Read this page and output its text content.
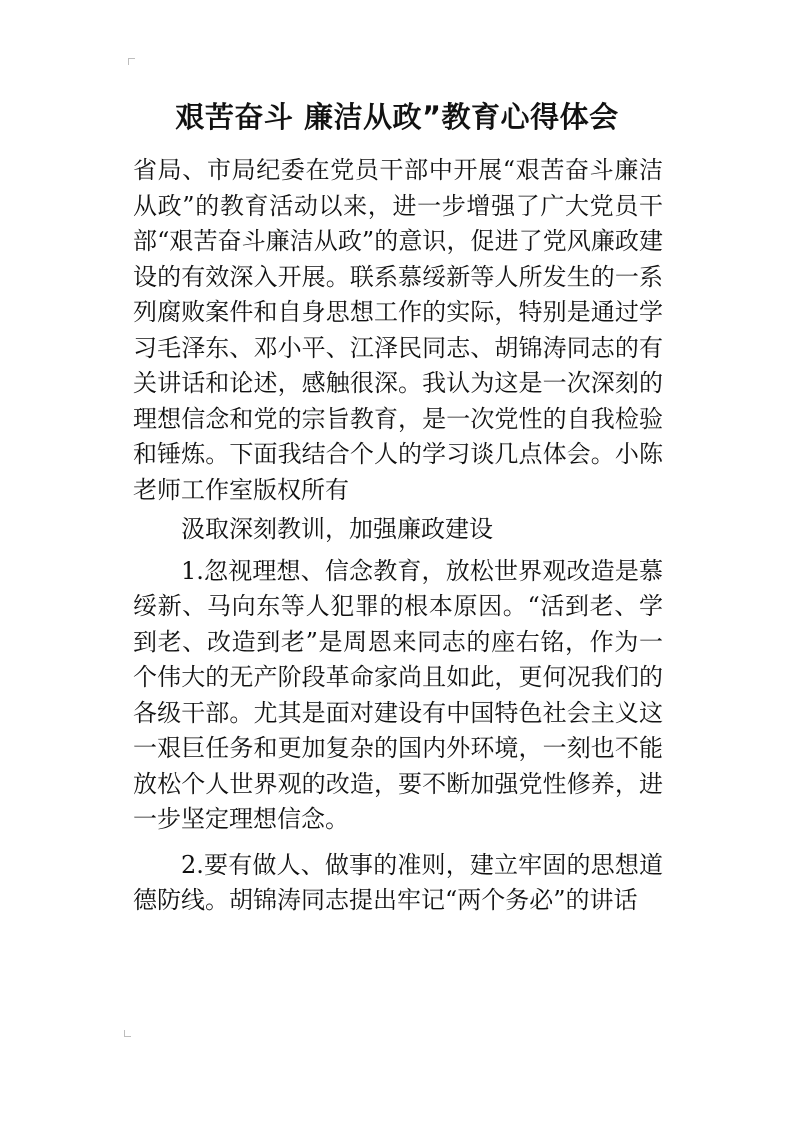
艰苦奋斗 廉洁从政”教育心得体会

省局、市局纪委在党员干部中开展“艰苦奋斗廉洁从政”的教育活动以来，进一步增强了广大党员干部“艰苦奋斗廉洁从政”的意识，促进了党风廉政建设的有效深入开展。联系慕绥新等人所发生的一系列腐败案件和自身思想工作的实际，特别是通过学习毛泽东、邓小平、江泽民同志、胡锦涛同志的有关讲话和论述，感触很深。我认为这是一次深刻的理想信念和党的宗旨教育，是一次党性的自我检验和锤炼。下面我结合个人的学习谈几点体会。小陈老师工作室版权所有

汲取深刻教训，加强廉政建设

1.忽视理想、信念教育，放松世界观改造是慕绥新、马向东等人犯罪的根本原因。“活到老、学到老、改造到老”是周恩来同志的座右铭，作为一个伟大的无产阶段革命家尚且如此，更何况我们的各级干部。尤其是面对建设有中国特色社会主义这一艰巨任务和更加复杂的国内外环境，一刻也不能放松个人世界观的改造，要不断加强党性修养，进一步坚定理想信念。

2.要有做人、做事的准则，建立牢固的思想道德防线。胡锦涛同志提出牢记“两个务必”的讲话
